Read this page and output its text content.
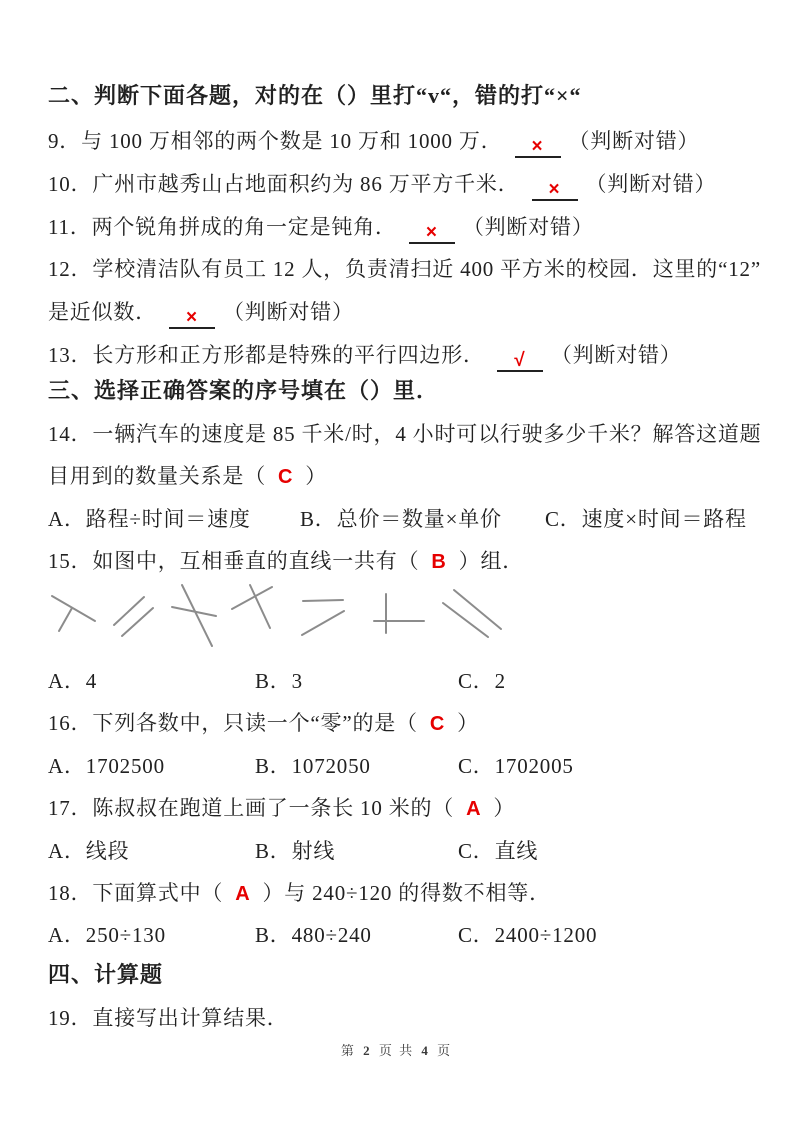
二、判断下面各题，对的在（）里打“v“，错的打“×“
9．与 100 万相邻的两个数是 10 万和 1000 万． × （判断对错）
10．广州市越秀山占地面积约为 86 万平方千米． × （判断对错）
11．两个锐角拼成的角一定是钝角． × （判断对错）
12．学校清洁队有员工 12 人，负责清扫近 400 平方米的校园．这里的“12”
是近似数． × （判断对错）
13．长方形和正方形都是特殊的平行四边形． √ （判断对错）
三、选择正确答案的序号填在（）里．
14．一辆汽车的速度是 85 千米/时，4 小时可以行驶多少千米？解答这道题
目用到的数量关系是（ C ）
A．路程÷时间＝速度 B．总价＝数量×单价 C．速度×时间＝路程
15．如图中，互相垂直的直线一共有（ B ）组．
A．4	B．3	C．2
16．下列各数中，只读一个“零”的是（ C ）
A．1702500	B．1072050	C．1702005
17．陈叔叔在跑道上画了一条长 10 米的（ A ）
A．线段	B．射线	C．直线
18．下面算式中（ A ）与 240÷120 的得数不相等．
A．250÷130	B．480÷240	C．2400÷1200
四、计算题
19．直接写出计算结果．
第 2 页 共 4 页
